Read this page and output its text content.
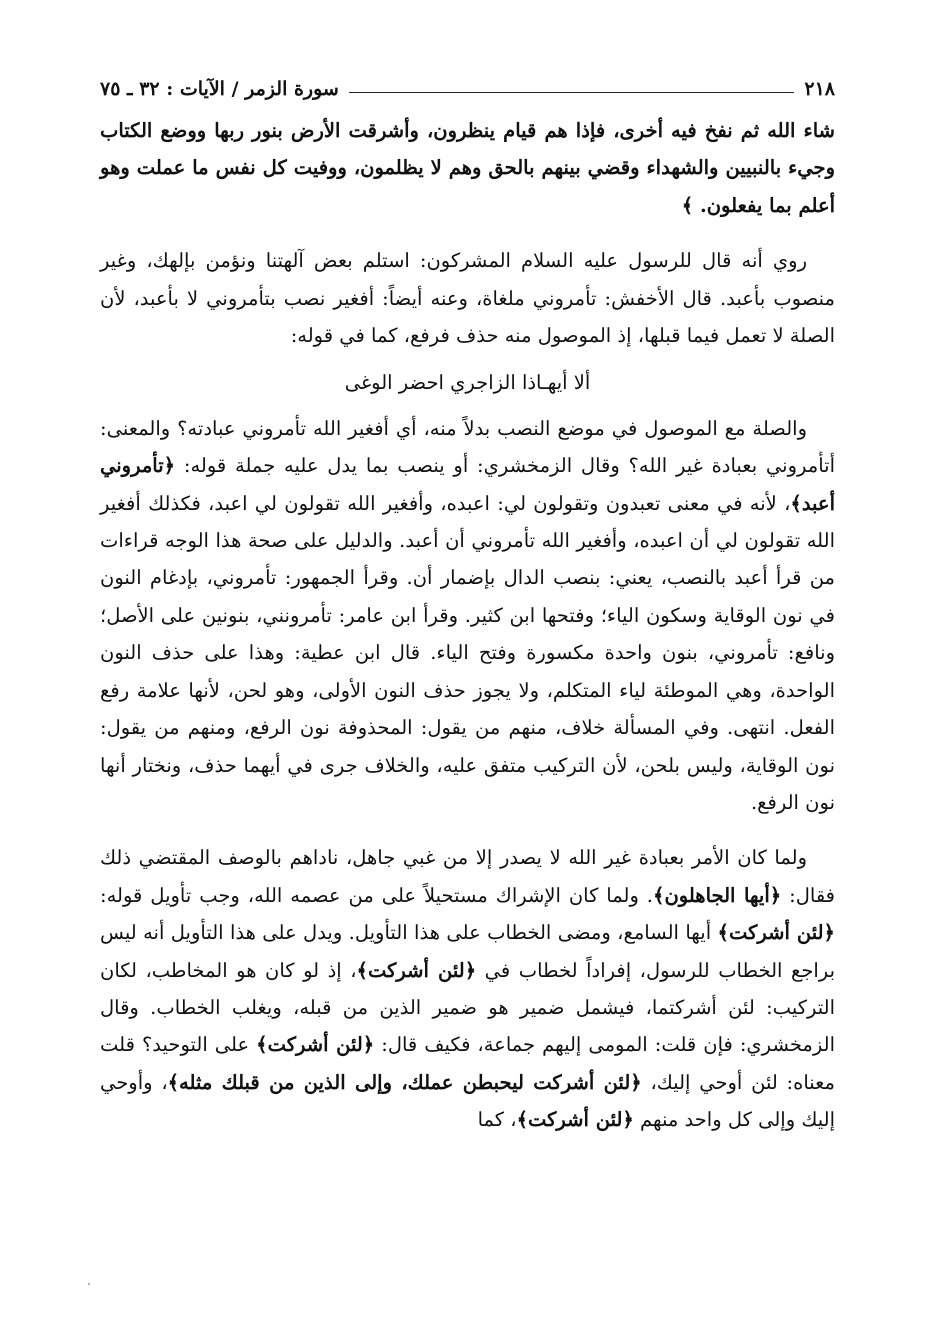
٢١٨
سورة الزمر / الآيات : ٣٢ ـ ٧٥

شاء الله ثم نفخ فيه أخرى، فإذا هم قيام ينظرون، وأشرقت الأرض بنور ربها ووضع الكتاب وجيء بالنبيين والشهداء وقضي بينهم بالحق وهم لا يظلمون، ووفيت كل نفس ما عملت وهو أعلم بما يفعلون. ﴾

روي أنه قال للرسول عليه السلام المشركون: استلم بعض آلهتنا ونؤمن بإلهك، وغير منصوب بأعبد. قال الأخفش: تأمروني ملغاة، وعنه أيضاً: أفغير نصب بتأمروني لا بأعبد، لأن الصلة لا تعمل فيما قبلها، إذ الموصول منه حذف فرفع، كما في قوله:

ألا أيهـاذا الزاجري احضر الوغى

والصلة مع الموصول في موضع النصب بدلاً منه، أي أفغير الله تأمروني عبادته؟ والمعنى: أتأمروني بعبادة غير الله؟ وقال الزمخشري: أو ينصب بما يدل عليه جملة قوله: ﴿تأمروني أعبد﴾، لأنه في معنى تعبدون وتقولون لي: اعبده، وأفغير الله تقولون لي اعبد، فكذلك أفغير الله تقولون لي أن اعبده، وأفغير الله تأمروني أن أعبد. والدليل على صحة هذا الوجه قراءات من قرأ أعبد بالنصب، يعني: بنصب الدال بإضمار أن. وقرأ الجمهور: تأمروني، بإدغام النون في نون الوقاية وسكون الياء؛ وفتحها ابن كثير. وقرأ ابن عامر: تأمرونني، بنونين على الأصل؛ ونافع: تأمروني، بنون واحدة مكسورة وفتح الياء. قال ابن عطية: وهذا على حذف النون الواحدة، وهي الموطئة لياء المتكلم، ولا يجوز حذف النون الأولى، وهو لحن، لأنها علامة رفع الفعل. انتهى. وفي المسألة خلاف، منهم من يقول: المحذوفة نون الرفع، ومنهم من يقول: نون الوقاية، وليس بلحن، لأن التركيب متفق عليه، والخلاف جرى في أيهما حذف، ونختار أنها نون الرفع.

ولما كان الأمر بعبادة غير الله لا يصدر إلا من غبي جاهل، ناداهم بالوصف المقتضي ذلك فقال: ﴿أيها الجاهلون﴾. ولما كان الإشراك مستحيلاً على من عصمه الله، وجب تأويل قوله: ﴿لئن أشركت﴾ أيها السامع، ومضى الخطاب على هذا التأويل. ويدل على هذا التأويل أنه ليس براجع الخطاب للرسول، إفراداً لخطاب في ﴿لئن أشركت﴾، إذ لو كان هو المخاطب، لكان التركيب: لئن أشركتما، فيشمل ضمير هو ضمير الذين من قبله، ويغلب الخطاب. وقال الزمخشري: فإن قلت: المومى إليهم جماعة، فكيف قال: ﴿لئن أشركت﴾ على التوحيد؟ قلت معناه: لئن أوحي إليك، ﴿لئن أشركت ليحبطن عملك، وإلى الذين من قبلك مثله﴾، وأوحي إليك وإلى كل واحد منهم ﴿لئن أشركت﴾، كما
